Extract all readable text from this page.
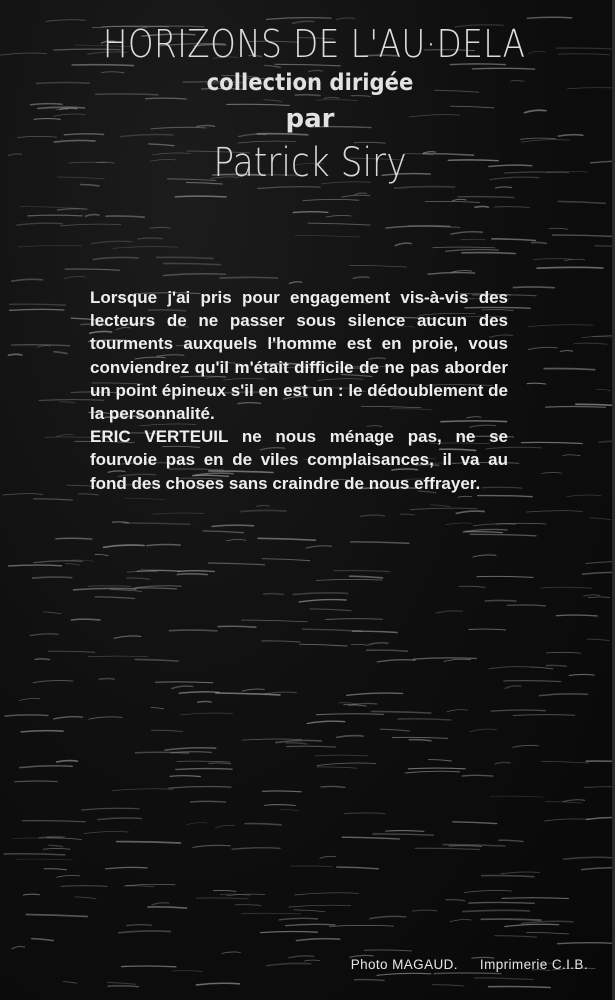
HORIZONS DE L'AU·DELA
collection dirigée
par
Patrick Siry

Lorsque j'ai pris pour engagement vis-à-vis des lecteurs de ne passer sous silence aucun des tourments auxquels l'homme est en proie, vous conviendrez qu'il m'était difficile de ne pas aborder un point épineux s'il en est un : le dédoublement de la personnalité.

ERIC VERTEUIL ne nous ménage pas, ne se fourvoie pas en de viles complaisances, il va au fond des choses sans craindre de nous effrayer.

Photo MAGAUD. Imprimerie C.I.B.
